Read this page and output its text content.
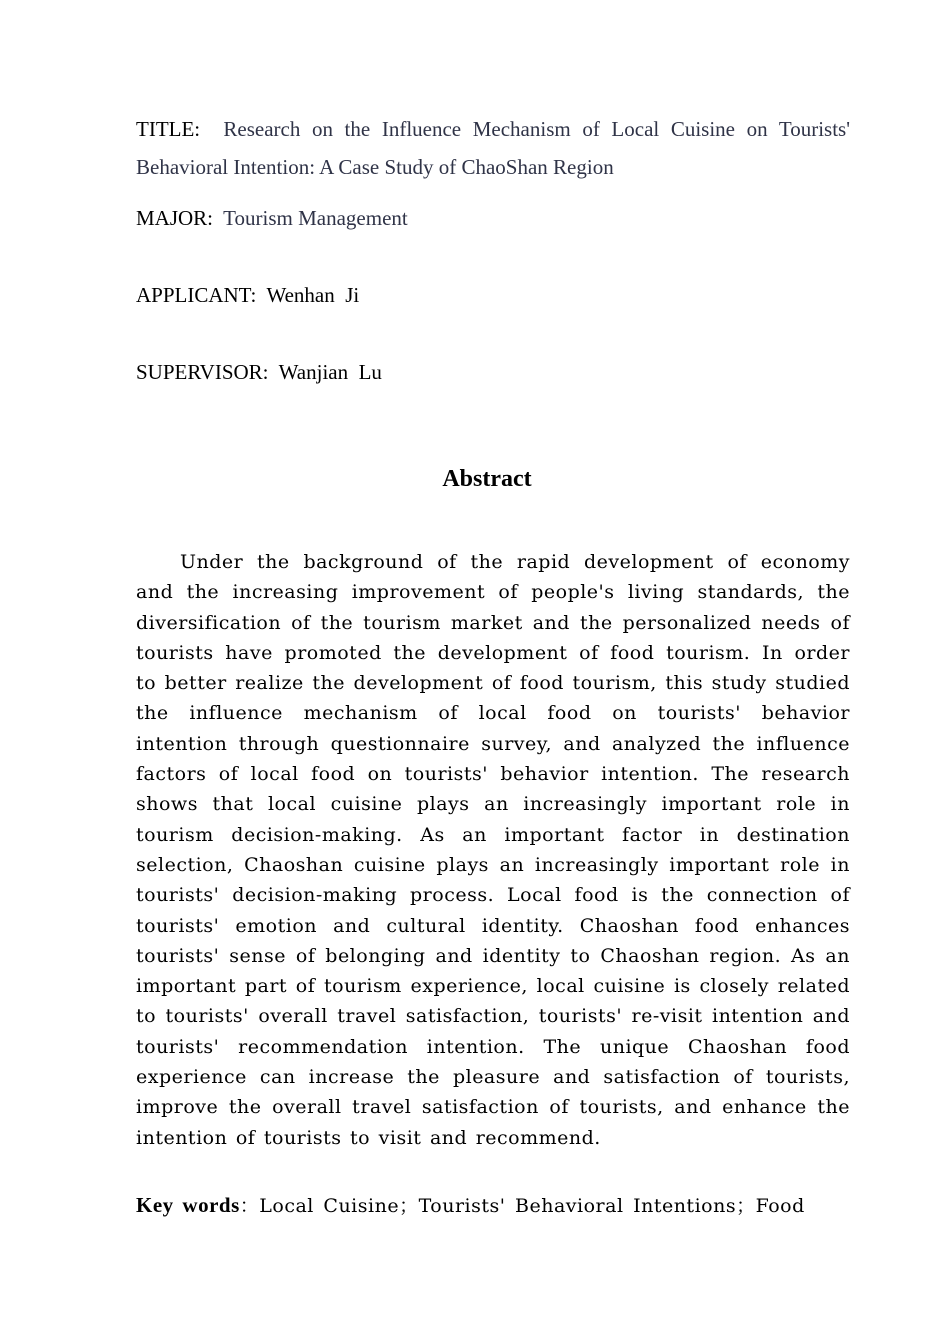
TITLE: Research on the Influence Mechanism of Local Cuisine on Tourists' Behavioral Intention: A Case Study of ChaoShan Region
MAJOR: Tourism Management
APPLICANT: Wenhan  Ji
SUPERVISOR: Wanjian  Lu
Abstract

Under the background of the rapid development of economy and the increasing improvement of people's living standards, the diversification of the tourism market and the personalized needs of tourists have promoted the development of food tourism. In order to better realize the development of food tourism, this study studied the influence mechanism of local food on tourists' behavior intention through questionnaire survey, and analyzed the influence factors of local food on tourists' behavior intention. The research shows that local cuisine plays an increasingly important role in tourism decision-making. As an important factor in destination selection, Chaoshan cuisine plays an increasingly important role in tourists' decision-making process. Local food is the connection of tourists' emotion and cultural identity. Chaoshan food enhances tourists' sense of belonging and identity to Chaoshan region. As an important part of tourism experience, local cuisine is closely related to tourists' overall travel satisfaction, tourists' re-visit intention and tourists' recommendation intention. The unique Chaoshan food experience can increase the pleasure and satisfaction of tourists, improve the overall travel satisfaction of tourists, and enhance the intention of tourists to visit and recommend.

Key words：Local Cuisine；Tourists' Behavioral Intentions；Food
